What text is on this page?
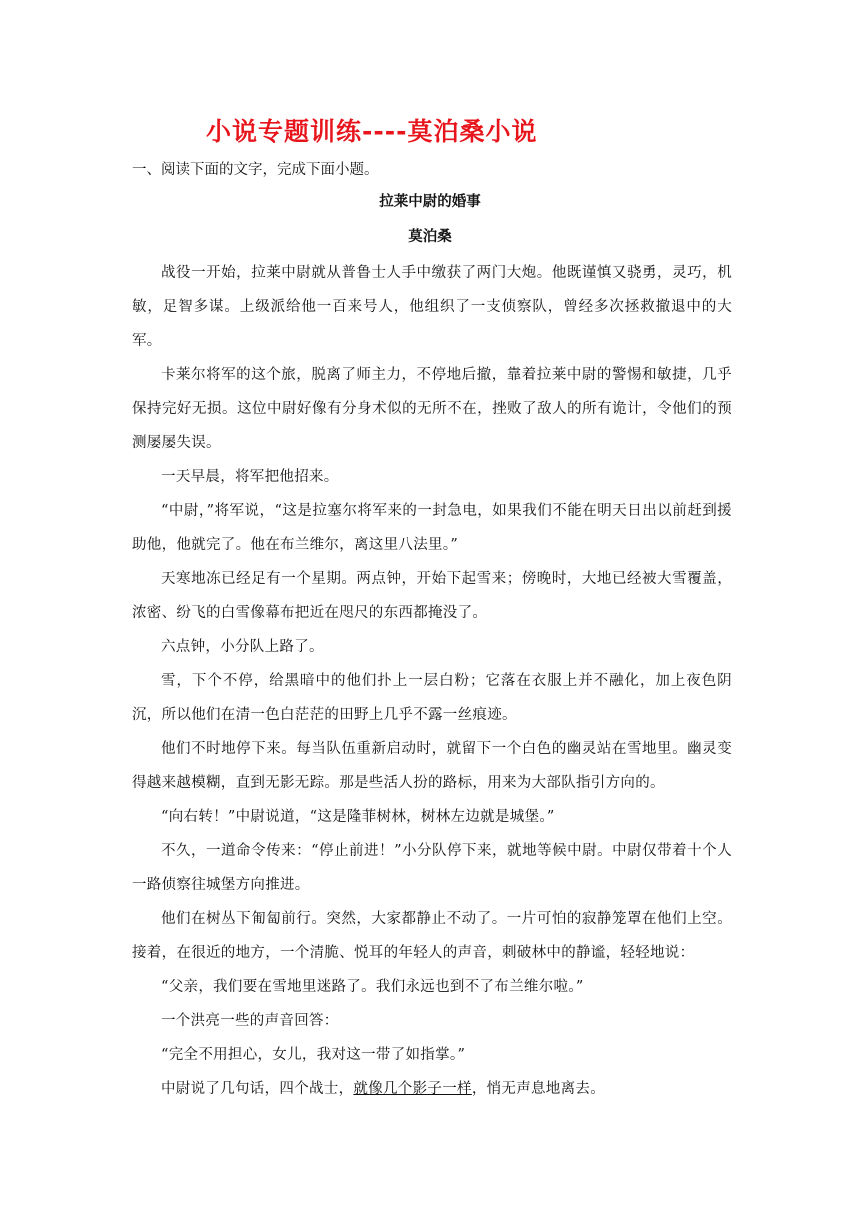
小说专题训练----莫泊桑小说
一、阅读下面的文字，完成下面小题。
拉莱中尉的婚事
莫泊桑

战役一开始，拉莱中尉就从普鲁士人手中缴获了两门大炮。他既谨慎又骁勇，灵巧，机敏，足智多谋。上级派给他一百来号人，他组织了一支侦察队，曾经多次拯救撤退中的大军。

卡莱尔将军的这个旅，脱离了师主力，不停地后撤，靠着拉莱中尉的警惕和敏捷，几乎保持完好无损。这位中尉好像有分身术似的无所不在，挫败了敌人的所有诡计，令他们的预测屡屡失误。

一天早晨，将军把他招来。

“中尉，”将军说，“这是拉塞尔将军来的一封急电，如果我们不能在明天日出以前赶到援助他，他就完了。他在布兰维尔，离这里八法里。”

天寒地冻已经足有一个星期。两点钟，开始下起雪来；傍晚时，大地已经被大雪覆盖，浓密、纷飞的白雪像幕布把近在咫尺的东西都掩没了。

六点钟，小分队上路了。

雪，下个不停，给黑暗中的他们扑上一层白粉；它落在衣服上并不融化，加上夜色阴沉，所以他们在清一色白茫茫的田野上几乎不露一丝痕迹。

他们不时地停下来。每当队伍重新启动时，就留下一个白色的幽灵站在雪地里。幽灵变得越来越模糊，直到无影无踪。那是些活人扮的路标，用来为大部队指引方向的。

“向右转！”中尉说道，“这是隆菲树林，树林左边就是城堡。”

不久，一道命令传来：“停止前进！”小分队停下来，就地等候中尉。中尉仅带着十个人一路侦察往城堡方向推进。

他们在树丛下匍匐前行。突然，大家都静止不动了。一片可怕的寂静笼罩在他们上空。接着，在很近的地方，一个清脆、悦耳的年轻人的声音，刺破林中的静谧，轻轻地说：

“父亲，我们要在雪地里迷路了。我们永远也到不了布兰维尔啦。”

一个洪亮一些的声音回答：

“完全不用担心，女儿，我对这一带了如指掌。”

中尉说了几句话，四个战士，就像几个影子一样，悄无声息地离去。
